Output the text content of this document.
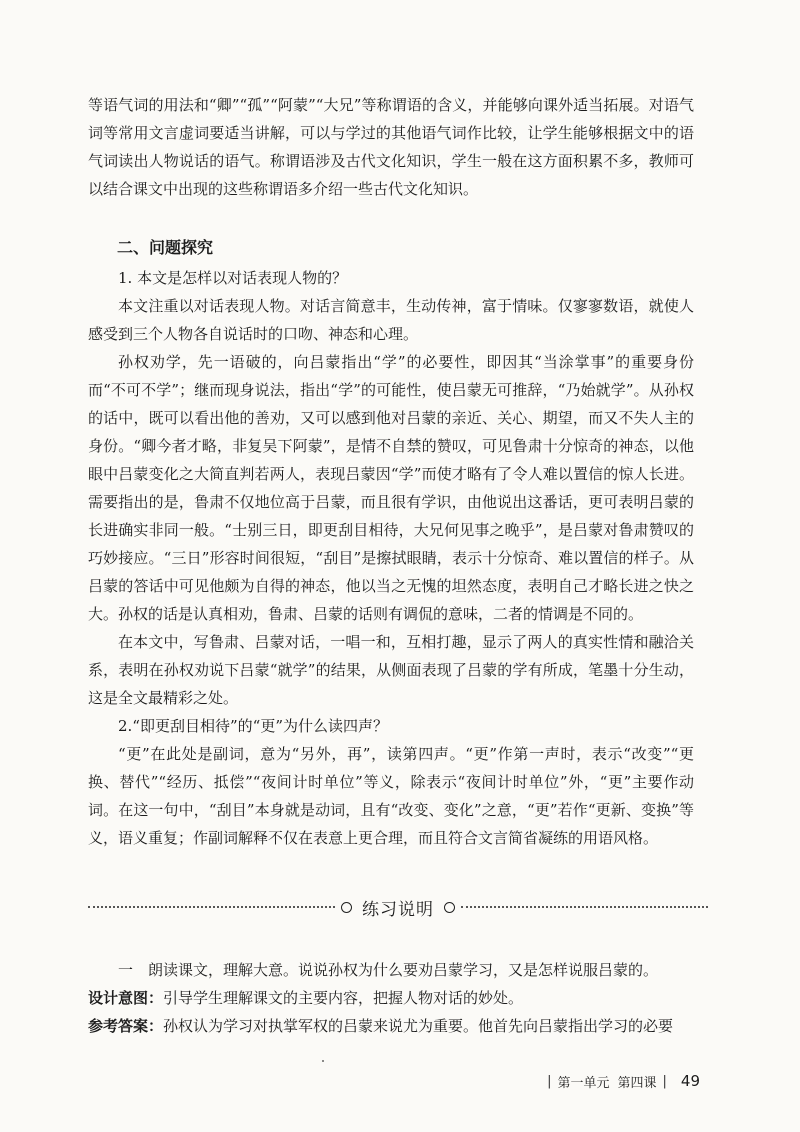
等语气词的用法和“卿”“孤”“阿蒙”“大兄”等称谓语的含义，并能够向课外适当拓展。对语气词等常用文言虚词要适当讲解，可以与学过的其他语气词作比较，让学生能够根据文中的语气词读出人物说话的语气。称谓语涉及古代文化知识，学生一般在这方面积累不多，教师可以结合课文中出现的这些称谓语多介绍一些古代文化知识。

二、问题探究

1. 本文是怎样以对话表现人物的？

本文注重以对话表现人物。对话言简意丰，生动传神，富于情味。仅寥寥数语，就使人感受到三个人物各自说话时的口吻、神态和心理。

孙权劝学，先一语破的，向吕蒙指出“学”的必要性，即因其“当涂掌事”的重要身份而“不可不学”；继而现身说法，指出“学”的可能性，使吕蒙无可推辞，“乃始就学”。从孙权的话中，既可以看出他的善劝，又可以感到他对吕蒙的亲近、关心、期望，而又不失人主的身份。“卿今者才略，非复吴下阿蒙”，是情不自禁的赞叹，可见鲁肃十分惊奇的神态，以他眼中吕蒙变化之大简直判若两人，表现吕蒙因“学”而使才略有了令人难以置信的惊人长进。需要指出的是，鲁肃不仅地位高于吕蒙，而且很有学识，由他说出这番话，更可表明吕蒙的长进确实非同一般。“士别三日，即更刮目相待，大兄何见事之晚乎”，是吕蒙对鲁肃赞叹的巧妙接应。“三日”形容时间很短，“刮目”是擦拭眼睛，表示十分惊奇、难以置信的样子。从吕蒙的答话中可见他颇为自得的神态，他以当之无愧的坦然态度，表明自己才略长进之快之大。孙权的话是认真相劝，鲁肃、吕蒙的话则有调侃的意味，二者的情调是不同的。

在本文中，写鲁肃、吕蒙对话，一唱一和，互相打趣，显示了两人的真实性情和融洽关系，表明在孙权劝说下吕蒙“就学”的结果，从侧面表现了吕蒙的学有所成，笔墨十分生动，这是全文最精彩之处。

2.“即更刮目相待”的“更”为什么读四声？

“更”在此处是副词，意为“另外，再”，读第四声。“更”作第一声时，表示“改变”“更换、替代”“经历、抵偿”“夜间计时单位”等义，除表示“夜间计时单位”外，“更”主要作动词。在这一句中，“刮目”本身就是动词，且有“改变、变化”之意，“更”若作“更新、变换”等义，语义重复；作副词解释不仅在表意上更合理，而且符合文言简省凝练的用语风格。

练习说明

一　朗读课文，理解大意。说说孙权为什么要劝吕蒙学习，又是怎样说服吕蒙的。

设计意图：引导学生理解课文的主要内容，把握人物对话的妙处。

参考答案：孙权认为学习对执掌军权的吕蒙来说尤为重要。他首先向吕蒙指出学习的必要

| 第一单元 第四课 | 49
